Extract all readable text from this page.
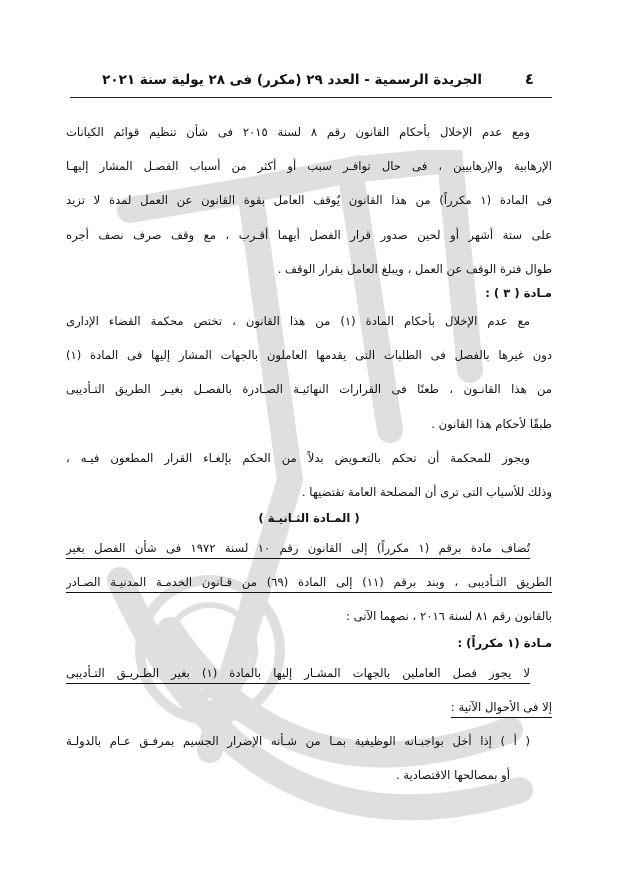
٤
الجريدة الرسمية - العدد ٢٩ (مكرر) فى ٢٨ يولية سنة ٢٠٢١
ومع عدم الإخلال بأحكام القانون رقم ٨ لسنة ٢٠١٥ فى شأن تنظيم قوائم الكيانات
الإرهابية والإرهابيين ، فى حال توافـر سبب أو أكثر من أسباب الفصـل المشار إليهـا
فى المادة (١ مكرراً) من هذا القانون يُوقف العامل بقوة القانون عن العمل لمدة لا تزيد
على ستة أشهر أو لحين صدور قرار الفصل أيهما أقـرب ، مع وقف صرف نصف أجره
طوال فترة الوقف عن العمل ، ويبلغ العامل بقرار الوقف .
مـادة ( ٣ ) :
مع عدم الإخلال بأحكام المادة (١) من هذا القانون ، تختص محكمة القضاء الإدارى
دون غيرها بالفصل فى الطلبات التى يقدمها العاملون بالجهات المشار إليها فى المادة (١)
من هذا القانـون ، طعنًا فى القرارات النهائيـة الصـادرة بالفصـل بغيـر الطريق التـأديبى
طبقًا لأحكام هذا القانون .
ويجوز للمحكمة أن تحكم بالتعـويض بدلاً من الحكم بإلغـاء القرار المطعون فيـه ،
وذلك للأسباب التى ترى أن المصلحة العامة تقتضيها .
( المـادة الثـانيـة )
تُضاف مادة برقم (١ مكرراً) إلى القانون رقم ١٠ لسنة ١٩٧٢ فى شأن الفصل بغير
الطريق التـأديبى ، وبند برقم (١١) إلى المادة (٦٩) من قـانون الخدمـة المدنيـة الصـادر
بالقانون رقم ٨١ لسنة ٢٠١٦ ، نصهما الآتى :
مـادة (١ مكرراً) :
لا يجوز فصل العاملين بالجهات المشـار إليها بالمادة (١) بغير الطـريـق التـأديبى
إلا فى الأحوال الآتية :
( أ ) إذا أخل بواجبـاته الوظيفية بمـا من شـأنه الإضرار الجسيم بمرفـق عـام بالدولـة
أو بمصالحها الاقتصادية .
